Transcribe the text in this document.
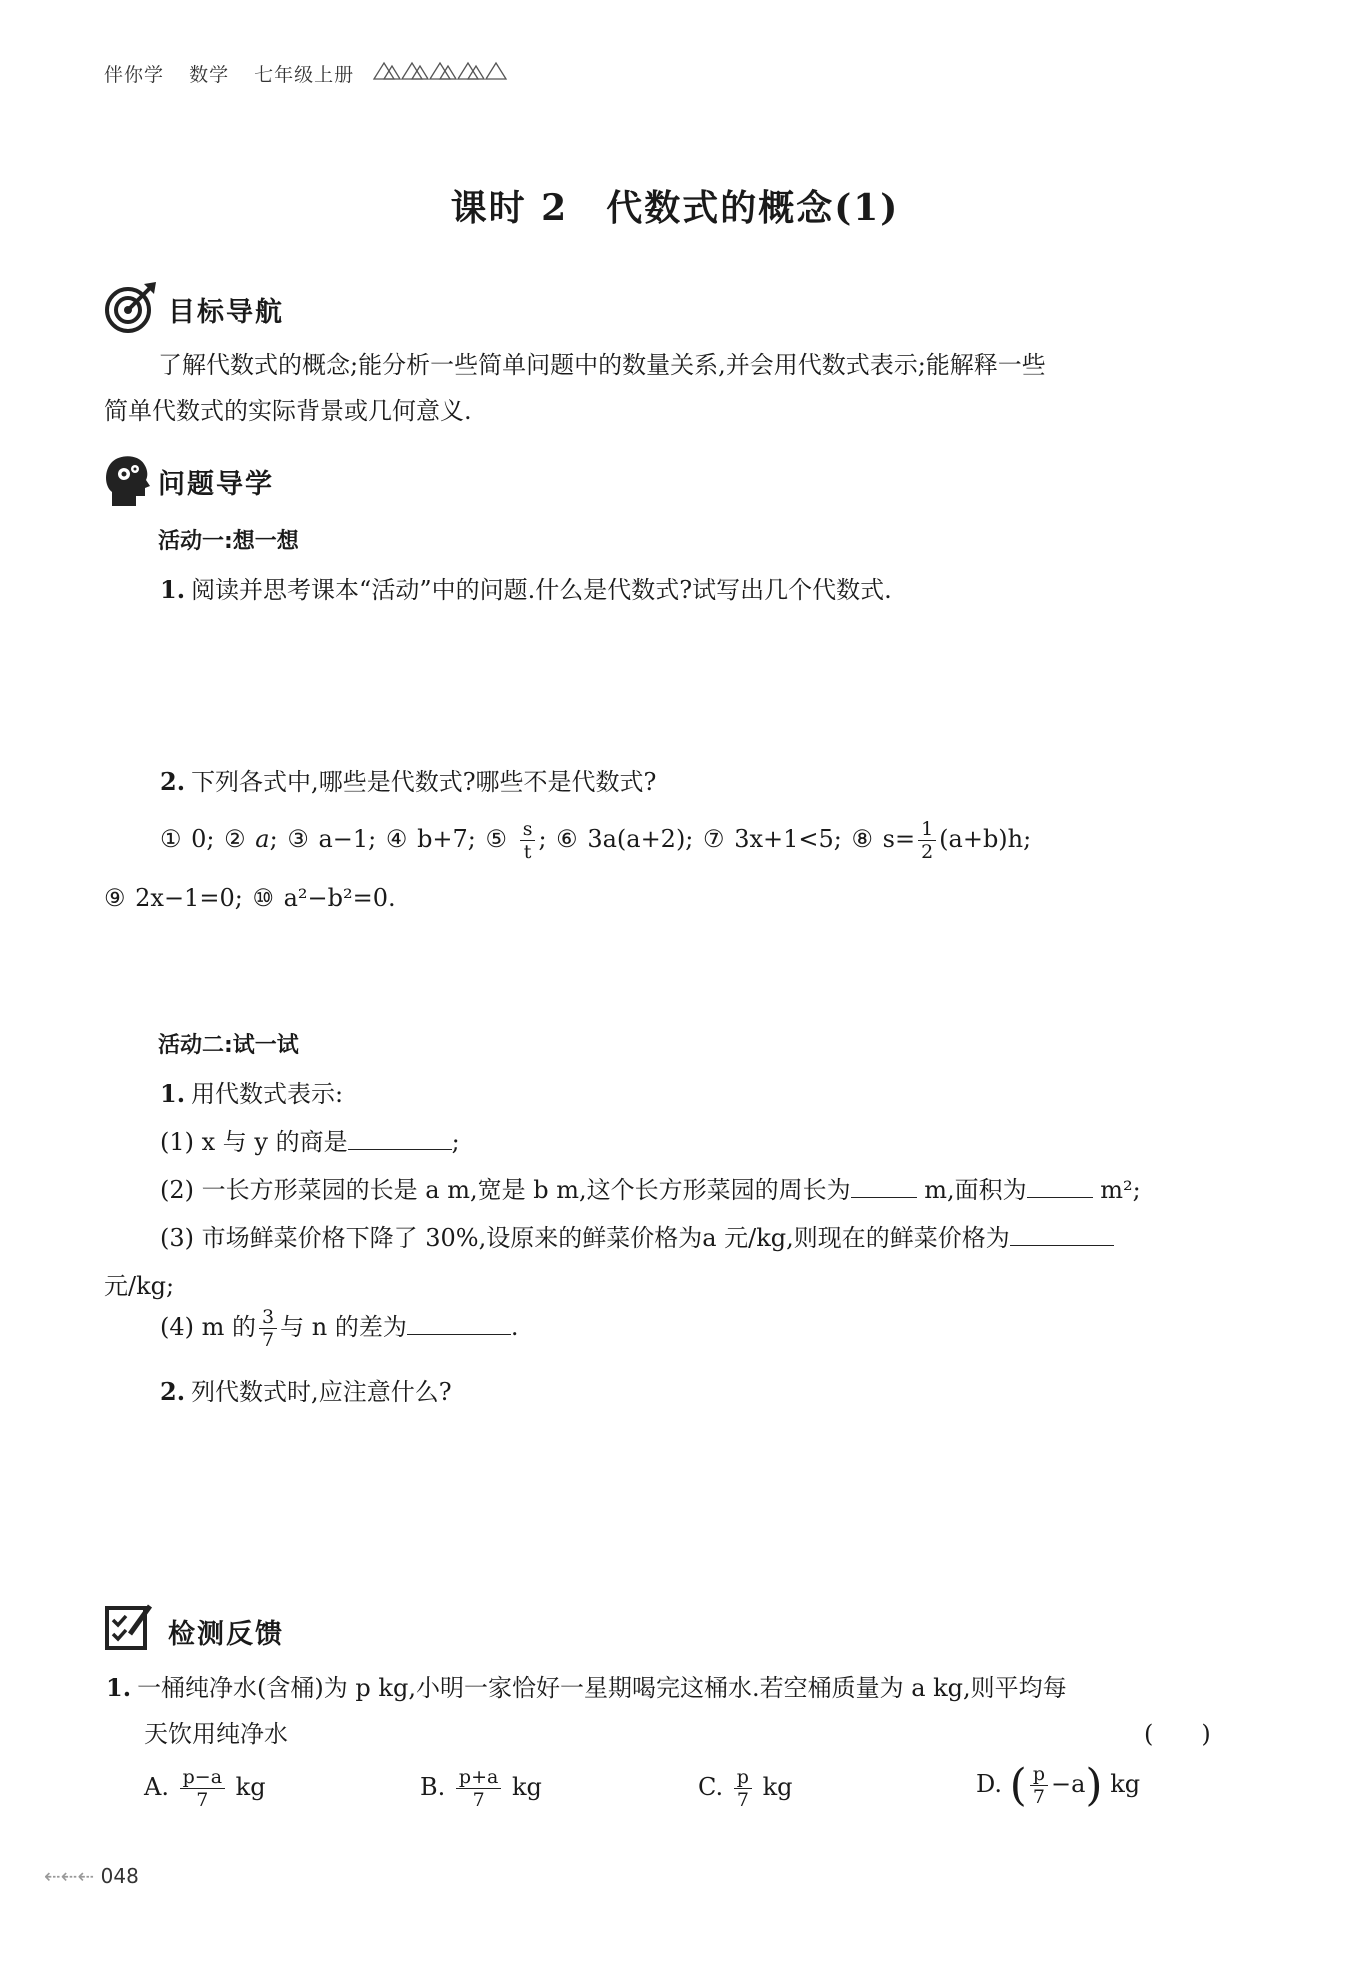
伴你学 数学 七年级上册
课时 2　代数式的概念(1)
目标导航
了解代数式的概念;能分析一些简单问题中的数量关系,并会用代数式表示;能解释一些
简单代数式的实际背景或几何意义.
问题导学
活动一:想一想
1. 阅读并思考课本“活动”中的问题.什么是代数式?试写出几个代数式.
2. 下列各式中,哪些是代数式?哪些不是代数式?
① 0; ② a; ③ a−1; ④ b+7; ⑤ $\frac{s}{t}$ ; ⑥ 3a(a+2); ⑦ 3x+1<5; ⑧ $s= \frac{1}{2} (a+b)h$;
⑨ 2x−1=0; ⑩ a²−b²=0.
活动二:试一试
1. 用代数式表示:
(1) x 与 y 的商是	;
(2) 一长方形菜园的长是 a m,宽是 b m,这个长方形菜园的周长为	m,面积为	m²;
(3) 市场鲜菜价格下降了 30%,设原来的鲜菜价格为a 元/kg,则现在的鲜菜价格为
元/kg;
(4) m 的 $\frac{3}{7}$ 与 n 的差为	.
2. 列代数式时,应注意什么?
检测反馈
1. 一桶纯净水(含桶)为 p kg,小明一家恰好一星期喝完这桶水.若空桶质量为 a kg,则平均每
天饮用纯净水	(　　)
A. $\frac{p-a}{7}$ kg	B. $\frac{p+a}{7}$ kg	C. $\frac{p}{7}$ kg	D. ( $\frac{p}{7} -a$) kg
⇠⇠⇠ 048
